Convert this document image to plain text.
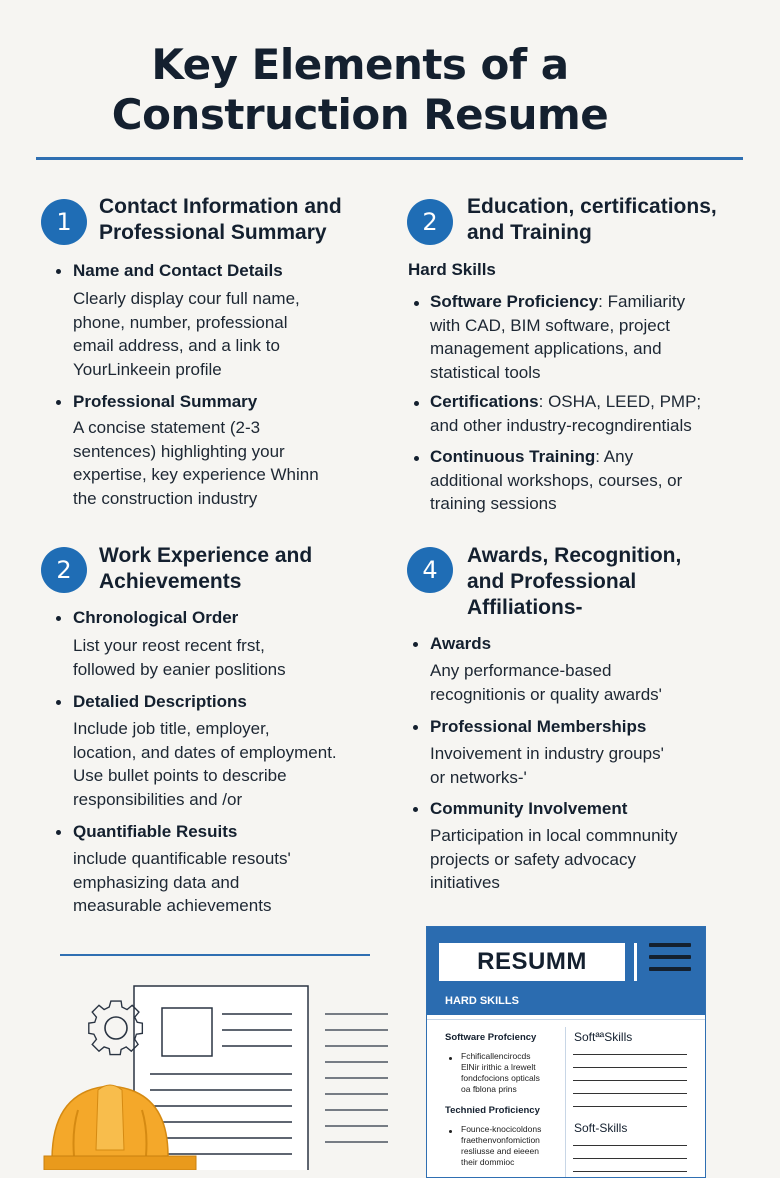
Key Elements of a
Construction Resume
1
Contact Information and
Professional Summary
Name and Contact Details
Clearly display cour full name,
phone, number, professional
email address, and a link to
YourLinkeein profile
Professional Summary
A concise statement (2-3
sentences) highlighting your
expertise, key experience Whinn
the construction industry
2
Education, certifications,
and Training
Hard Skills
Software Proficiency: Familiarity
with CAD, BIM software, project
management applications, and
statistical tools
Certifications: OSHA, LEED, PMP;
and other industry-recogndirentials
Continuous Training: Any
additional workshops, courses, or
training sessions
2
Work Experience and
Achievements
Chronological Order
List your reost recent frst,
followed by eanier poslitions
Detalied Descriptions
Include job title, employer,
location, and dates of employment.
Use bullet points to describe
responsibilities and /or
Quantifiable Resuits
include quantificable resouts'
emphasizing data and
measurable achievements
4
Awards, Recognition,
and Professional
Affiliations-
Awards
Any performance-based
recognitionis or quality awards'
Professional Memberships
Invoivement in industry groups'
or networks-'
Community Involvement
Participation in local commnunity
projects or safety advocacy
initiatives
RESUMM
HARD SKILLS
Software Profciency
Fchificallencirocds
ElNir irithic a lrewelt
fondcfocions opticals
oa fblona prins
Technied Proficiency
Founce-knocicoldons
fraethenvonfomiction
resliusse and eieeen
their dommioc
SoftªªSkills
Soft-Skills
